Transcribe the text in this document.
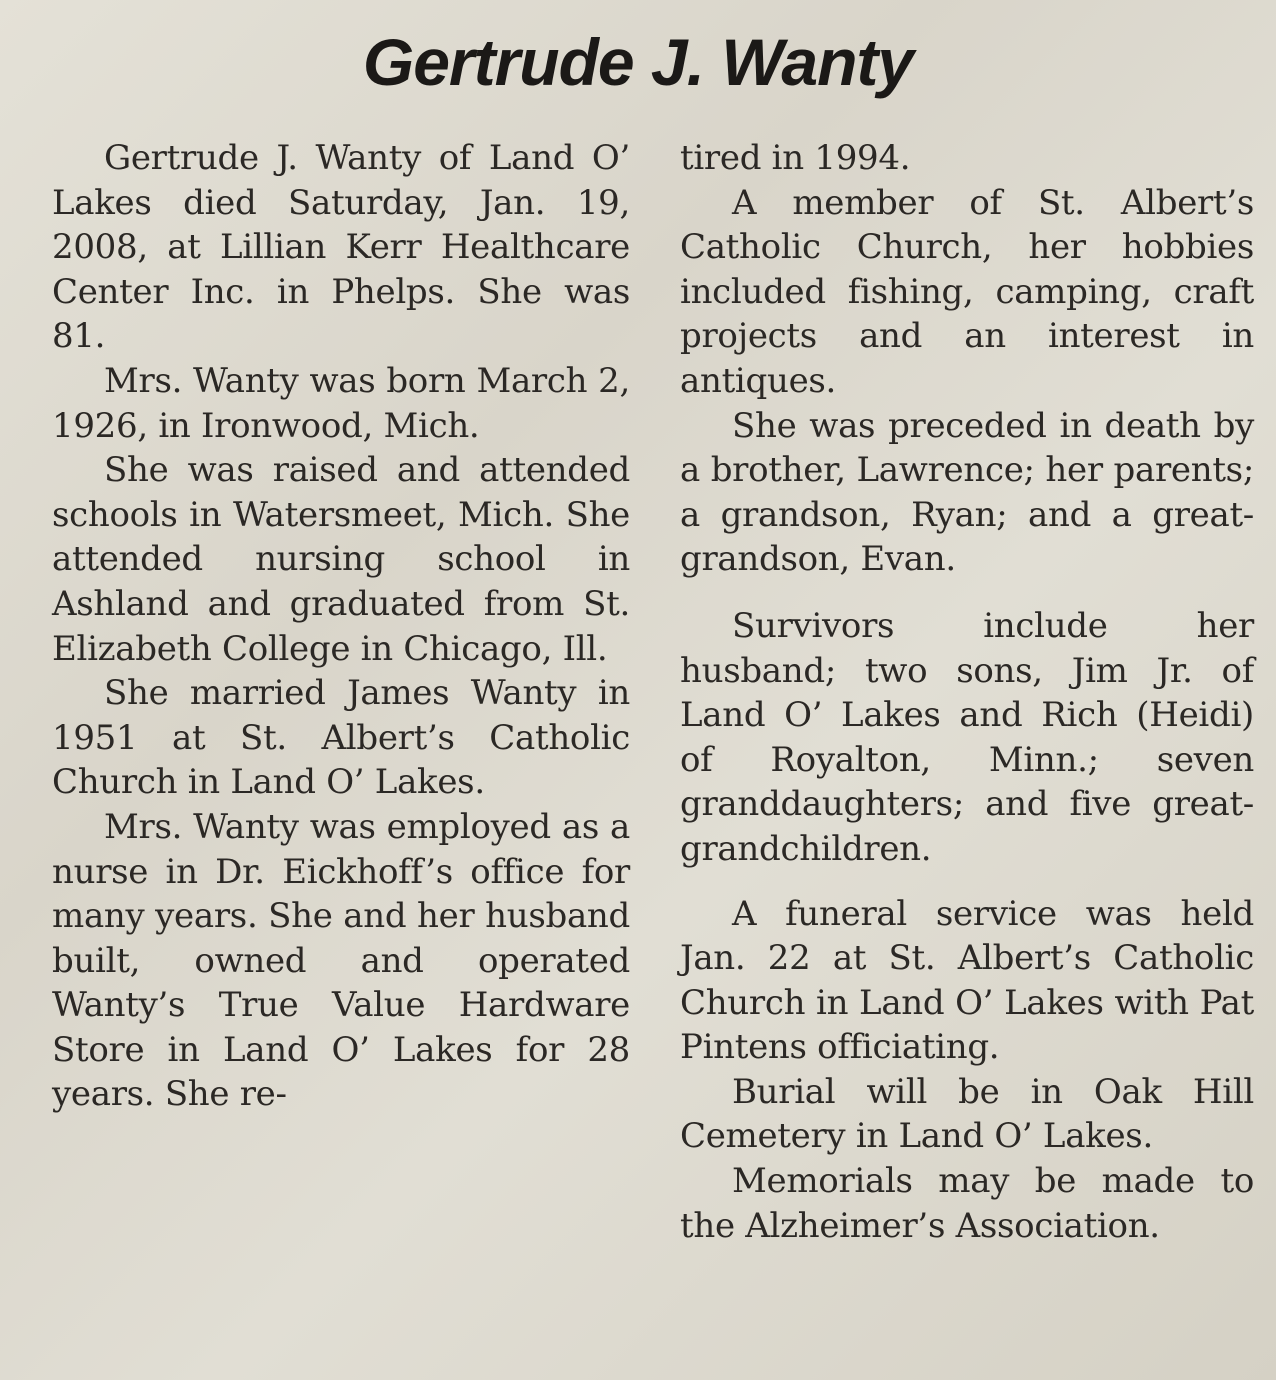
Gertrude J. Wanty

Gertrude J. Wanty of Land O’ Lakes died Saturday, Jan. 19, 2008, at Lillian Kerr Healthcare Center Inc. in Phelps. She was 81.

Mrs. Wanty was born March 2, 1926, in Ironwood, Mich.

She was raised and attended schools in Watersmeet, Mich. She attended nursing school in Ashland and graduated from St. Elizabeth College in Chicago, Ill.

She married James Wanty in 1951 at St. Albert’s Catholic Church in Land O’ Lakes.

Mrs. Wanty was employed as a nurse in Dr. Eickhoff’s office for many years. She and her husband built, owned and operated Wanty’s True Value Hardware Store in Land O’ Lakes for 28 years. She re-

tired in 1994.

A member of St. Albert’s Catholic Church, her hobbies included fishing, camping, craft projects and an interest in antiques.

She was preceded in death by a brother, Lawrence; her parents; a grandson, Ryan; and a great-grandson, Evan.

Survivors include her husband; two sons, Jim Jr. of Land O’ Lakes and Rich (Heidi) of Royalton, Minn.; seven granddaughters; and five great-grandchildren.

A funeral service was held Jan. 22 at St. Albert’s Catholic Church in Land O’ Lakes with Pat Pintens officiating.

Burial will be in Oak Hill Cemetery in Land O’ Lakes.

Memorials may be made to the Alzheimer’s Association.
